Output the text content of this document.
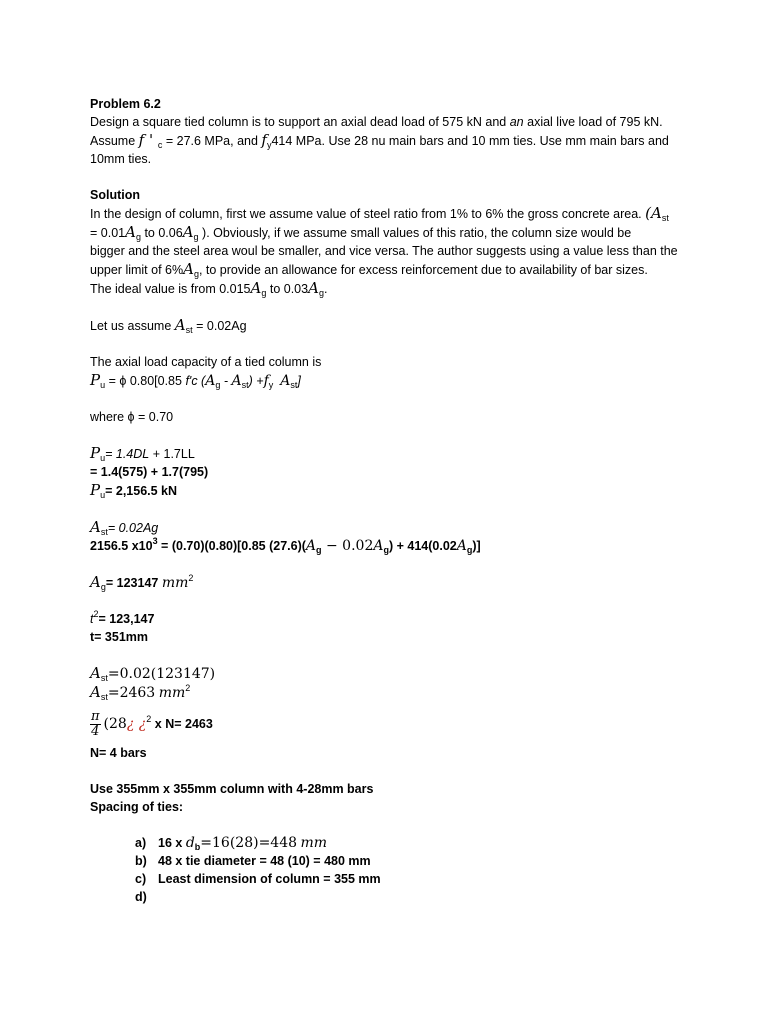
Problem 6.2
Design a square tied column is to support an axial dead load of 575 kN and an axial live load of 795 kN.
Assume f ' $_c$ = 27.6 MPa, and $f_y414$ MPa. Use 28 nu main bars and 10 mm ties. Use mm main bars and
10mm ties.
Solution
In the design of column, first we assume value of steel ratio from 1% to 6% the gross concrete area. ($A_{st}$
= $0.01A_g$ to $0.06A_g$ ). Obviously, if we assume small values of this ratio, the column size would be
bigger and the steel area woul be smaller, and vice versa. The author suggests using a value less than the
upper limit of $6\%A_g$, to provide an allowance for excess reinforcement due to availability of bar sizes.
The ideal value is from $0.015A_g$ to $0.03A_g$.
Let us assume $A_{st} = 0.02Ag$
The axial load capacity of a tied column is
$P_u = \phi$ 0.80[0.85 f'c $(A_g - A_{st}) +f_y$ $A_{st}$]
where ϕ = 0.70
$P_u= 1.4DL + 1.7LL$
= 1.4(575) + 1.7(795)
$P_u= 2,156.5$ kN
$A_{st}= 0.02Ag$
2156.5 $x10^3 = (0.70)(0.80)[0.85$ $(27.6)(A_g - 0.02A_g) + 414(0.02A_g)$]
$A_g= 123147$ $mm^2$
$t^2= 123,147$
t= 351mm
$A_{st}=0.02(123147)$
$A_{st}=2463$ $mm^2$
$\frac{\pi}{4}$ (28¿ ¿$^2$ x N= 2463
N= 4 bars
Use 355mm x 355mm column with 4-28mm bars
Spacing of ties:
a) 16 x $d_b=16(28)=448$ mm
b) 48 x tie diameter = 48 (10) = 480 mm
c) Least dimension of column = 355 mm
d)
